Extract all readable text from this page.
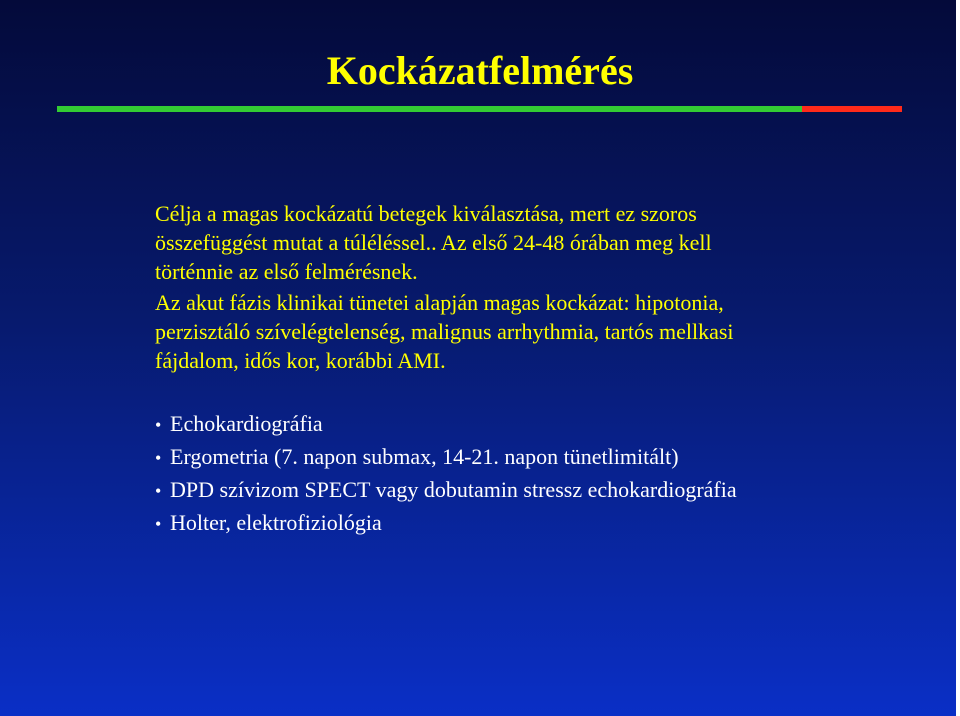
Kockázatfelmérés

Célja a magas kockázatú betegek kiválasztása, mert ez szoros
összefüggést mutat a túléléssel.. Az első 24-48 órában meg kell
történnie az első felmérésnek.

Az akut fázis klinikai tünetei alapján magas kockázat: hipotonia,
perzisztáló szívelégtelenség, malignus arrhythmia, tartós mellkasi
fájdalom, idős kor, korábbi AMI.

• Echokardiográfia
• Ergometria (7. napon submax, 14-21. napon tünetlimitált)
• DPD szívizom SPECT vagy dobutamin stressz echokardiográfia
• Holter, elektrofiziológia
